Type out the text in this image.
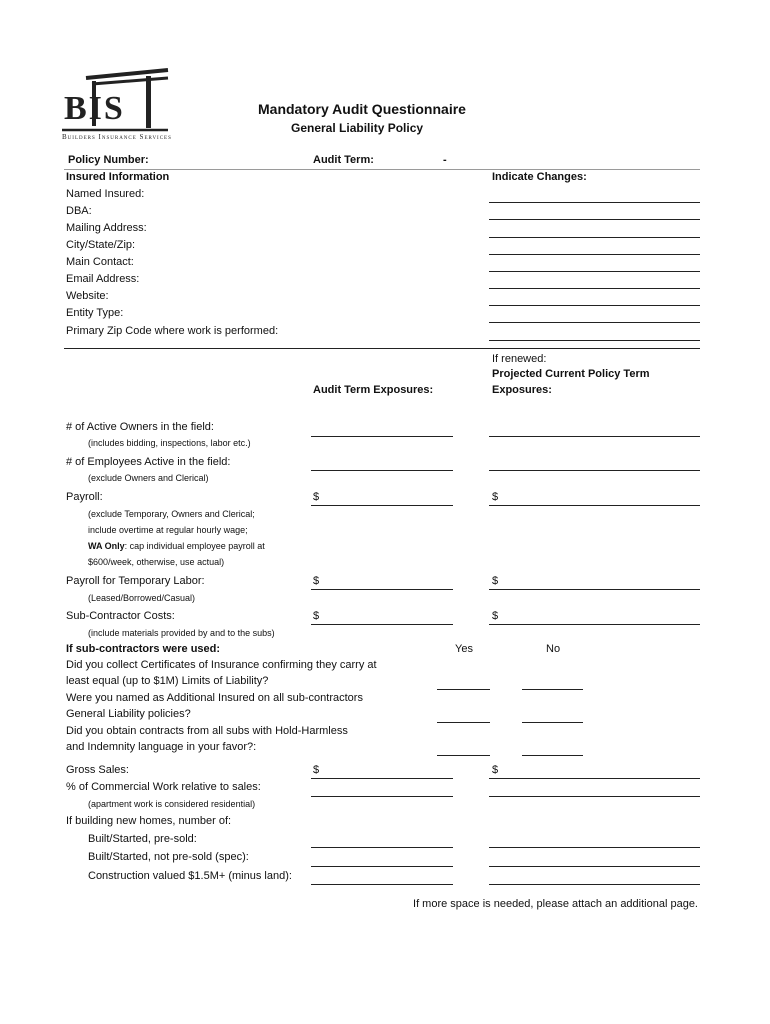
BIS
Builders Insurance Services
Mandatory Audit Questionnaire
General Liability Policy
Policy Number:	Audit Term:	-
Insured Information	Indicate Changes:
Named Insured:
DBA:
Mailing Address:
City/State/Zip:
Main Contact:
Email Address:
Website:
Entity Type:
Primary Zip Code where work is performed:
If renewed:
Projected Current Policy Term
Exposures:
Audit Term Exposures:
# of Active Owners in the field:
(includes bidding, inspections, labor etc.)
# of Employees Active in the field:
(exclude Owners and Clerical)
Payroll:	$	$
(exclude Temporary, Owners and Clerical;
include overtime at regular hourly wage;
WA Only: cap individual employee payroll at
$600/week, otherwise, use actual)
Payroll for Temporary Labor:	$	$
(Leased/Borrowed/Casual)
Sub-Contractor Costs:	$	$
(include materials provided by and to the subs)
If sub-contractors were used:	Yes	No
Did you collect Certificates of Insurance confirming they carry at
least equal (up to $1M) Limits of Liability?
Were you named as Additional Insured on all sub-contractors
General Liability policies?
Did you obtain contracts from all subs with Hold-Harmless
and Indemnity language in your favor?:
Gross Sales:	$	$
% of Commercial Work relative to sales:
(apartment work is considered residential)
If building new homes, number of:
Built/Started, pre-sold:
Built/Started, not pre-sold (spec):
Construction valued $1.5M+ (minus land):
If more space is needed, please attach an additional page.
